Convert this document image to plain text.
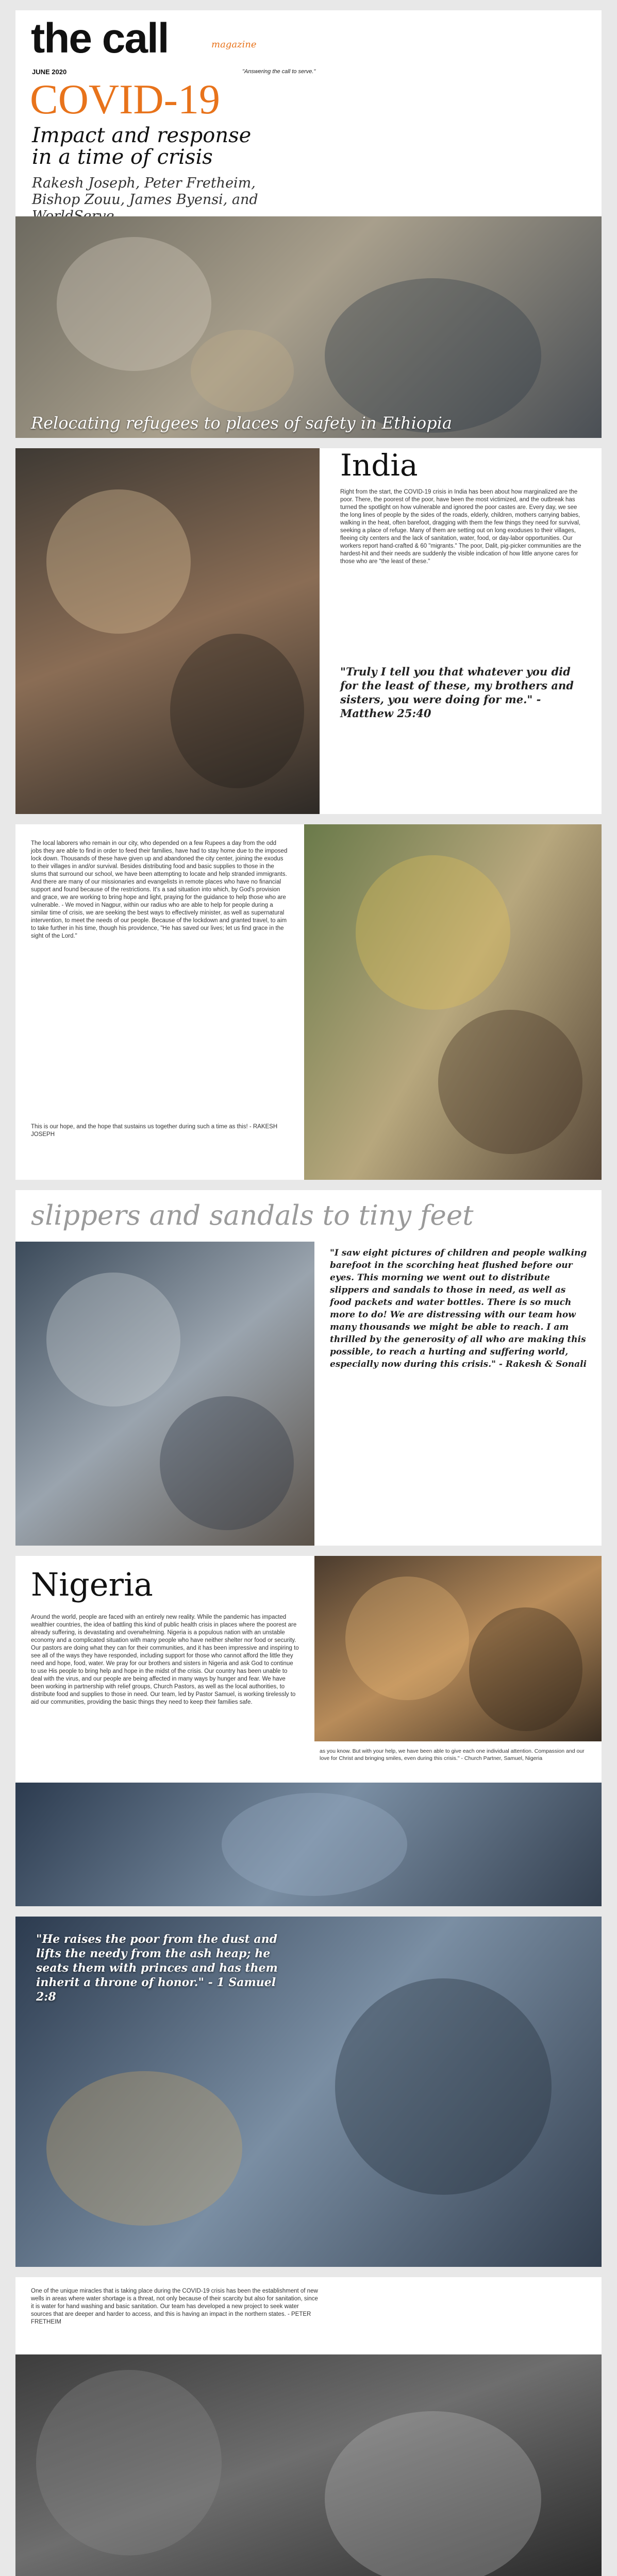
the call	magazine
JUNE 2020	"Answering the call to serve."
COVID-19
Impact and response in a time of crisis
Rakesh Joseph, Peter Fretheim, Bishop Zouu, James Byensi, and
Relocating refugees to places of safety in Ethiopia
India
Right from the start, the COVID-19 crisis in India has been about how marginalized are the poor. There, the poorest of the poor, have been the most victimized, and the outbreak has turned the spotlight on how vulnerable and ignored the poor castes are. Every day, we see the long lines of people by the sides of the roads, elderly, children, mothers carrying babies, walking in the heat, often barefoot, dragging with them the few things they need for survival, seeking a place of refuge. Many of them are setting out on long exoduses to their villages, fleeing city centers and the lack of sanitation, water, food, or day-labor opportunities. Our workers report hand-crafted & 60 "migrants." The poor, Dalit, pig-picker communities are the hardest-hit and their needs are suddenly the visible indication of how little anyone cares for those who are "the least of these."
"Truly I tell you that whatever you did for the least of these, my brothers and sisters, you were doing for me." - Matthew 25:40
The local laborers who remain in our city, who depended on a few Rupees a day from the odd jobs they are able to find in order to feed their families, have had to stay home due to the imposed lock down. Thousands of these have given up and abandoned the city center, joining the exodus to their villages in and/or survival. Besides distributing food and basic supplies to those in the slums that surround our school, we have been attempting to locate and help stranded immigrants. And there are many of our missionaries and evangelists in remote places who have no financial support and found because of the restrictions. It's a sad situation into which, by God's provision and grace, we are working to bring hope and light, praying for the guidance to help those who are vulnerable. - We moved in Nagpur, within our radius who are able to help for people during a similar time of crisis, we are seeking the best ways to effectively minister, as well as supernatural intervention, to meet the needs of our people. Because of the lockdown and granted travel, to aim to take further in his time, though his providence, "He has saved our lives; let us find grace in the sight of the Lord."
This is our hope, and the hope that sustains us together during such a time as this! - RAKESH JOSEPH
slippers and sandals to tiny feet
"I saw eight pictures of children and people walking barefoot in the scorching heat flushed before our eyes. This morning we went out to distribute slippers and sandals to those in need, as well as food packets and water bottles. There is so much more to do! We are distressing with our team how many thousands we might be able to reach. I am thrilled by the generosity of all who are making this possible, to reach a hurting and suffering world, especially now during this crisis." - Rakesh & Sonali
Nigeria
Around the world, people are faced with an entirely new reality. While the pandemic has impacted wealthier countries, the idea of battling this kind of public health crisis in places where the poorest are already suffering, is devastating and overwhelming. Nigeria is a populous nation with an unstable economy and a complicated situation with many people who have neither shelter nor food or security. Our pastors are doing what they can for their communities, and it has been impressive and inspiring to see all of the ways they have responded, including support for those who cannot afford the little they need and hope, food, water. We pray for our brothers and sisters in Nigeria and ask God to continue to use His people to bring help and hope in the midst of the crisis. Our country has been unable to deal with the virus, and our people are being affected in many ways by hunger and fear. We have been working in partnership with relief groups, Church Pastors, as well as the local authorities, to distribute food and supplies to those in need. Our team, led by Pastor Samuel, is working tirelessly to aid our communities, providing the basic things they need to keep their families safe.
as you know. But with your help, we have been able to give each one individual attention. Compassion and our love for Christ and bringing smiles, even during this crisis." - Church Partner, Samuel, Nigeria
"He raises the poor from the dust and lifts the needy from the ash heap; he seats them with princes and has them inherit a throne of honor." - 1 Samuel 2:8
One of the unique miracles that is taking place during the COVID-19 crisis has been the establishment of new wells in areas where water shortage is a threat, not only because of their scarcity but also for sanitation, since it is water for hand washing and basic sanitation. Our team has developed a new project to seek water sources that are deeper and harder to access, and this is having an impact in the northern states. - PETER FRETHEIM
